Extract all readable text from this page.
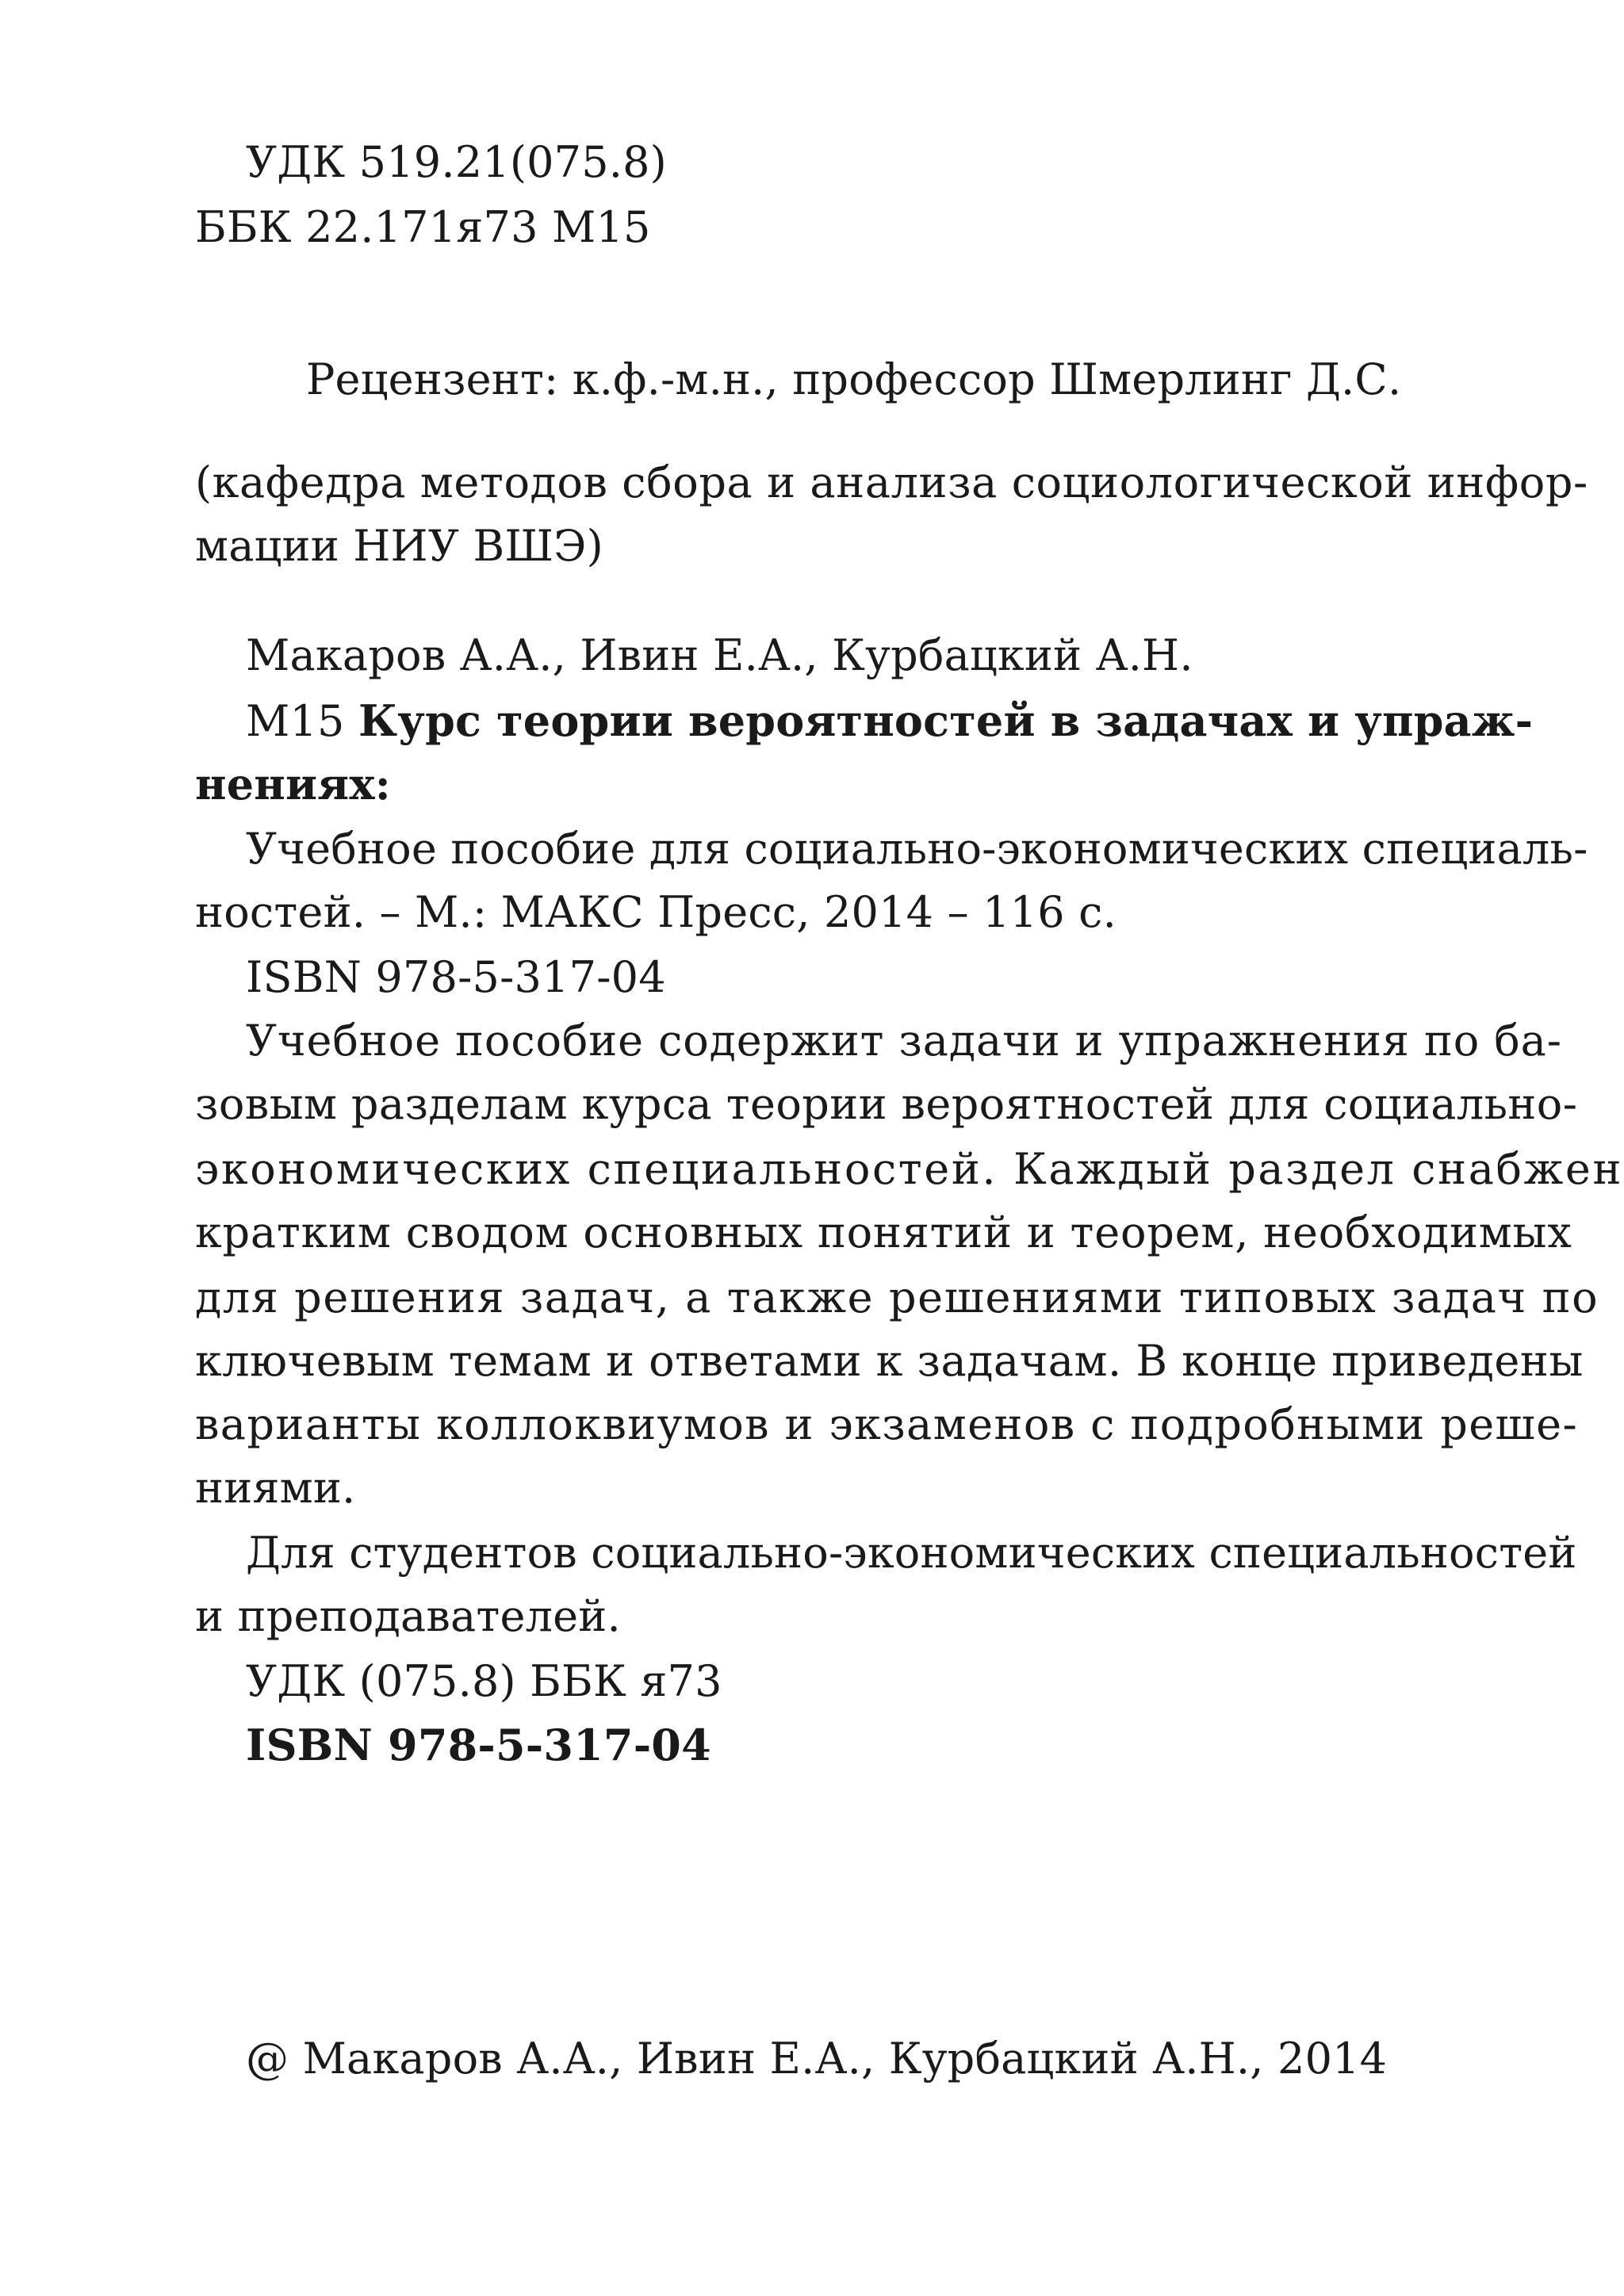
УДК 519.21(075.8)
ББК 22.171я73 М15
Рецензент: к.ф.-м.н., профессор Шмерлинг Д.С.
(кафедра методов сбора и анализа социологической инфор-
мации НИУ ВШЭ)
Макаров А.А., Ивин Е.А., Курбацкий А.Н.
М15 Курс теории вероятностей в задачах и упраж-
нениях:
Учебное пособие для социально-экономических специаль-
ностей. – М.: МАКС Пресс, 2014 – 116 с.
ISBN 978-5-317-04
Учебное пособие содержит задачи и упражнения по ба-
зовым разделам курса теории вероятностей для социально-
экономических специальностей. Каждый раздел снабжен
кратким сводом основных понятий и теорем, необходимых
для решения задач, а также решениями типовых задач по
ключевым темам и ответами к задачам. В конце приведены
варианты коллоквиумов и экзаменов с подробными реше-
ниями.
Для студентов социально-экономических специальностей
и преподавателей.
УДК (075.8) ББК я73
ISBN 978-5-317-04
@ Макаров А.А., Ивин Е.А., Курбацкий А.Н., 2014
